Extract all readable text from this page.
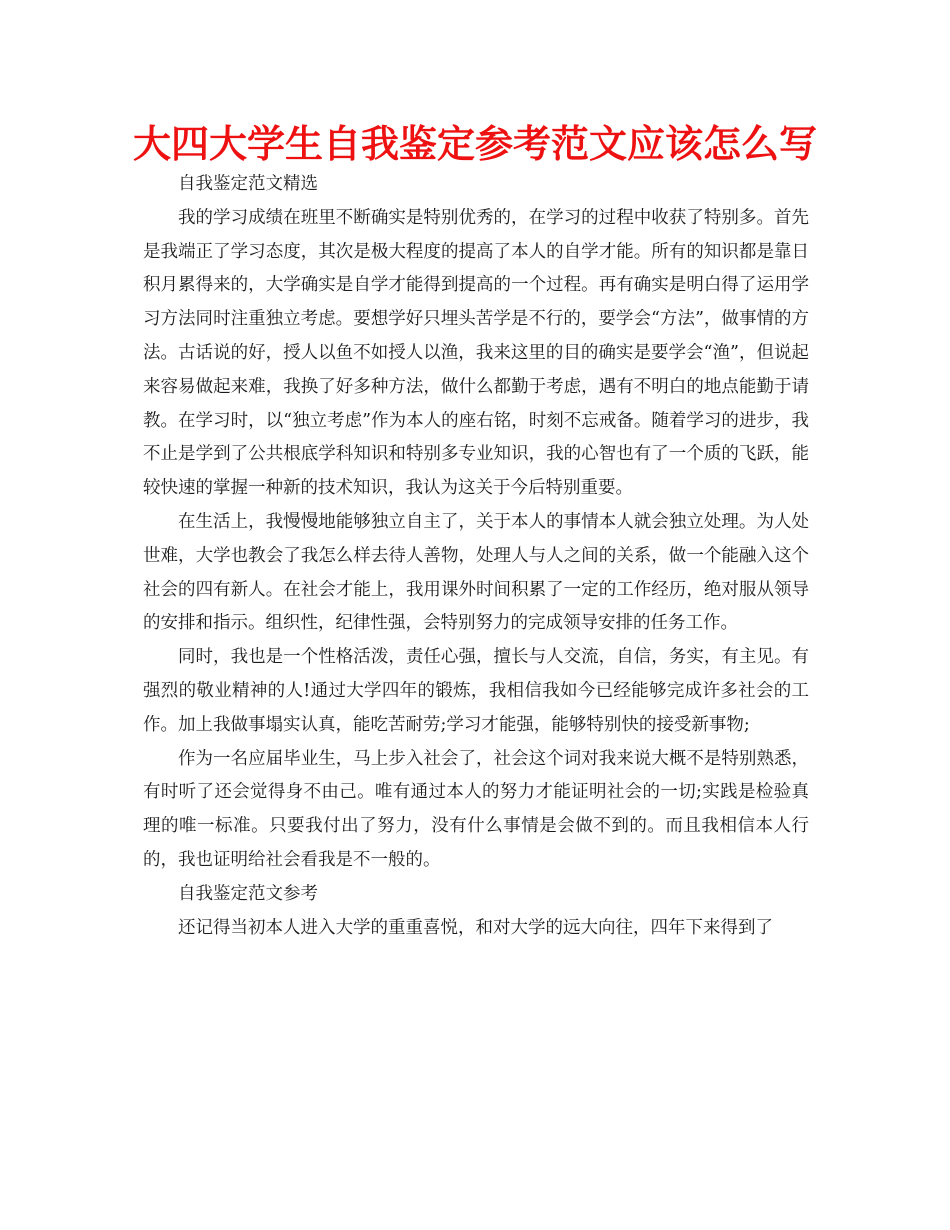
大四大学生自我鉴定参考范文应该怎么写

自我鉴定范文精选

我的学习成绩在班里不断确实是特别优秀的，在学习的过程中收获了特别多。首先是我端正了学习态度，其次是极大程度的提高了本人的自学才能。所有的知识都是靠日积月累得来的，大学确实是自学才能得到提高的一个过程。再有确实是明白得了运用学习方法同时注重独立考虑。要想学好只埋头苦学是不行的，要学会“方法”，做事情的方法。古话说的好，授人以鱼不如授人以渔，我来这里的目的确实是要学会“渔”，但说起来容易做起来难，我换了好多种方法，做什么都勤于考虑，遇有不明白的地点能勤于请教。在学习时，以“独立考虑”作为本人的座右铭，时刻不忘戒备。随着学习的进步，我不止是学到了公共根底学科知识和特别多专业知识，我的心智也有了一个质的飞跃，能较快速的掌握一种新的技术知识，我认为这关于今后特别重要。

在生活上，我慢慢地能够独立自主了，关于本人的事情本人就会独立处理。为人处世难，大学也教会了我怎么样去待人善物，处理人与人之间的关系，做一个能融入这个社会的四有新人。在社会才能上，我用课外时间积累了一定的工作经历，绝对服从领导的安排和指示。组织性，纪律性强，会特别努力的完成领导安排的任务工作。

同时，我也是一个性格活泼，责任心强，擅长与人交流，自信，务实，有主见。有强烈的敬业精神的人!通过大学四年的锻炼，我相信我如今已经能够完成许多社会的工作。加上我做事塌实认真，能吃苦耐劳;学习才能强，能够特别快的接受新事物;

作为一名应届毕业生，马上步入社会了，社会这个词对我来说大概不是特别熟悉，有时听了还会觉得身不由己。唯有通过本人的努力才能证明社会的一切;实践是检验真理的唯一标准。只要我付出了努力，没有什么事情是会做不到的。而且我相信本人行的，我也证明给社会看我是不一般的。

自我鉴定范文参考

还记得当初本人进入大学的重重喜悦，和对大学的远大向往，四年下来得到了
